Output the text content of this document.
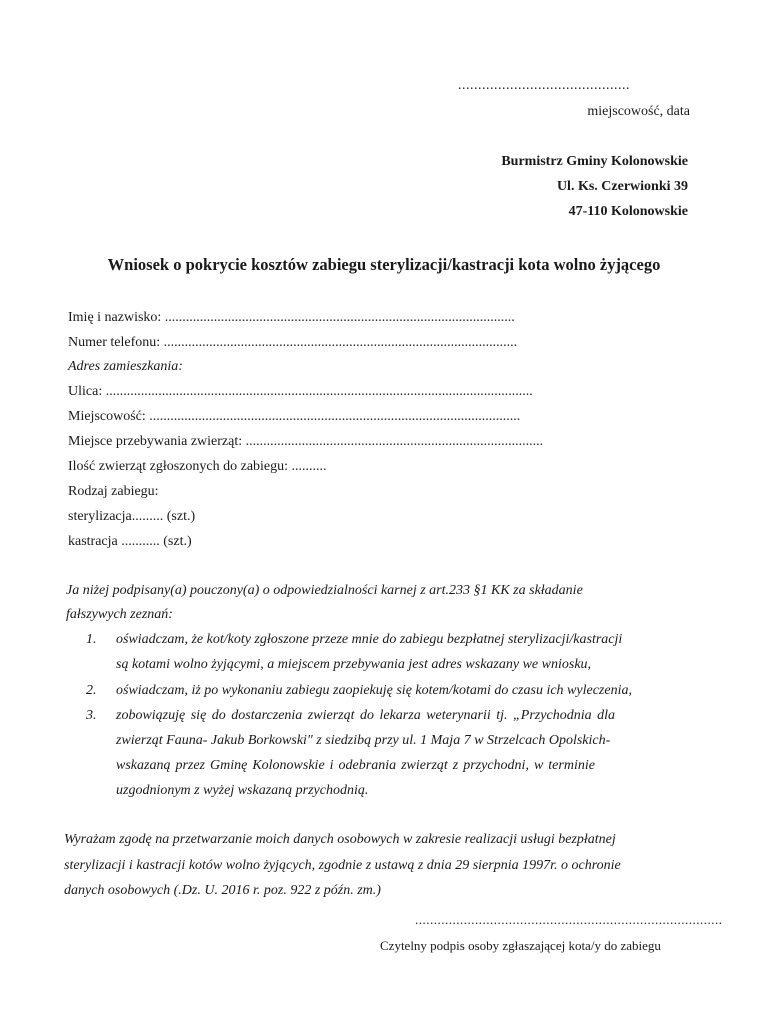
...........................................
miejscowość, data
Burmistrz Gminy Kolonowskie
Ul. Ks. Czerwionki 39
47-110 Kolonowskie
Wniosek o pokrycie kosztów zabiegu sterylizacji/kastracji kota wolno żyjącego
Imię i nazwisko: ....................................................................................................
Numer telefonu: .....................................................................................................
Adres zamieszkania:
Ulica: ..........................................................................................................................
Miejscowość: ..........................................................................................................
Miejsce przebywania zwierząt: .....................................................................................
Ilość zwierząt zgłoszonych do zabiegu: ..........
Rodzaj zabiegu:
sterylizacja......... (szt.)
kastracja ........... (szt.)
Ja niżej podpisany(a) pouczony(a) o odpowiedzialności karnej z art.233 §1 KK za składanie
fałszywych zeznań:
1. oświadczam, że kot/koty zgłoszone przeze mnie do zabiegu bezpłatnej sterylizacji/kastracji
są kotami wolno żyjącymi, a miejscem przebywania jest adres wskazany we wniosku,
2. oświadczam, iż po wykonaniu zabiegu zaopiekuję się kotem/kotami do czasu ich wyleczenia,
3. zobowiązuję się do dostarczenia zwierząt do lekarza weterynarii tj. „Przychodnia dla
zwierząt Fauna- Jakub Borkowski" z siedzibą przy ul. 1 Maja 7 w Strzelcach Opolskich-
wskazaną przez Gminę Kolonowskie i odebrania zwierząt z przychodni, w terminie
uzgodnionym z wyżej wskazaną przychodnią.
Wyrażam zgodę na przetwarzanie moich danych osobowych w zakresie realizacji usługi bezpłatnej
sterylizacji i kastracji kotów wolno żyjących, zgodnie z ustawą z dnia 29 sierpnia 1997r. o ochronie
danych osobowych (.Dz. U. 2016 r. poz. 922 z późn. zm.)
..................................................................................
Czytelny podpis osoby zgłaszającej kota/y do zabiegu
